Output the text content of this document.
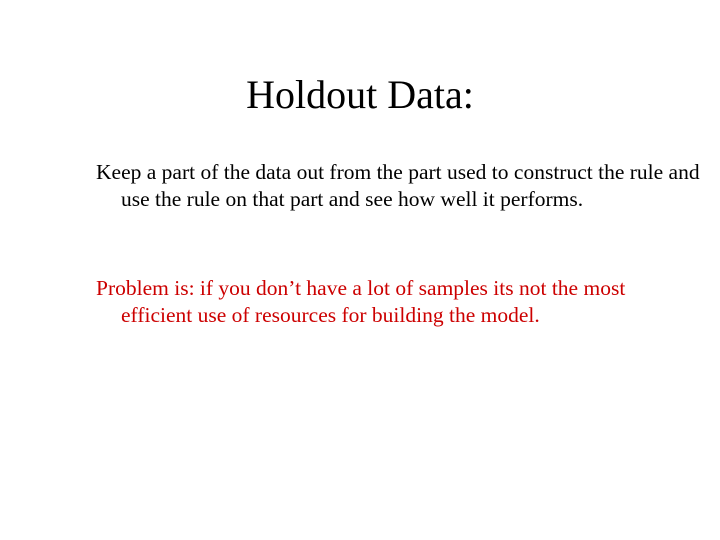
Holdout Data:
Keep a part of the data out from the part used to construct the rule and use the rule on that part and see how well it performs.
Problem is: if you don’t have a lot of samples its not the most efficient use of resources for building the model.
